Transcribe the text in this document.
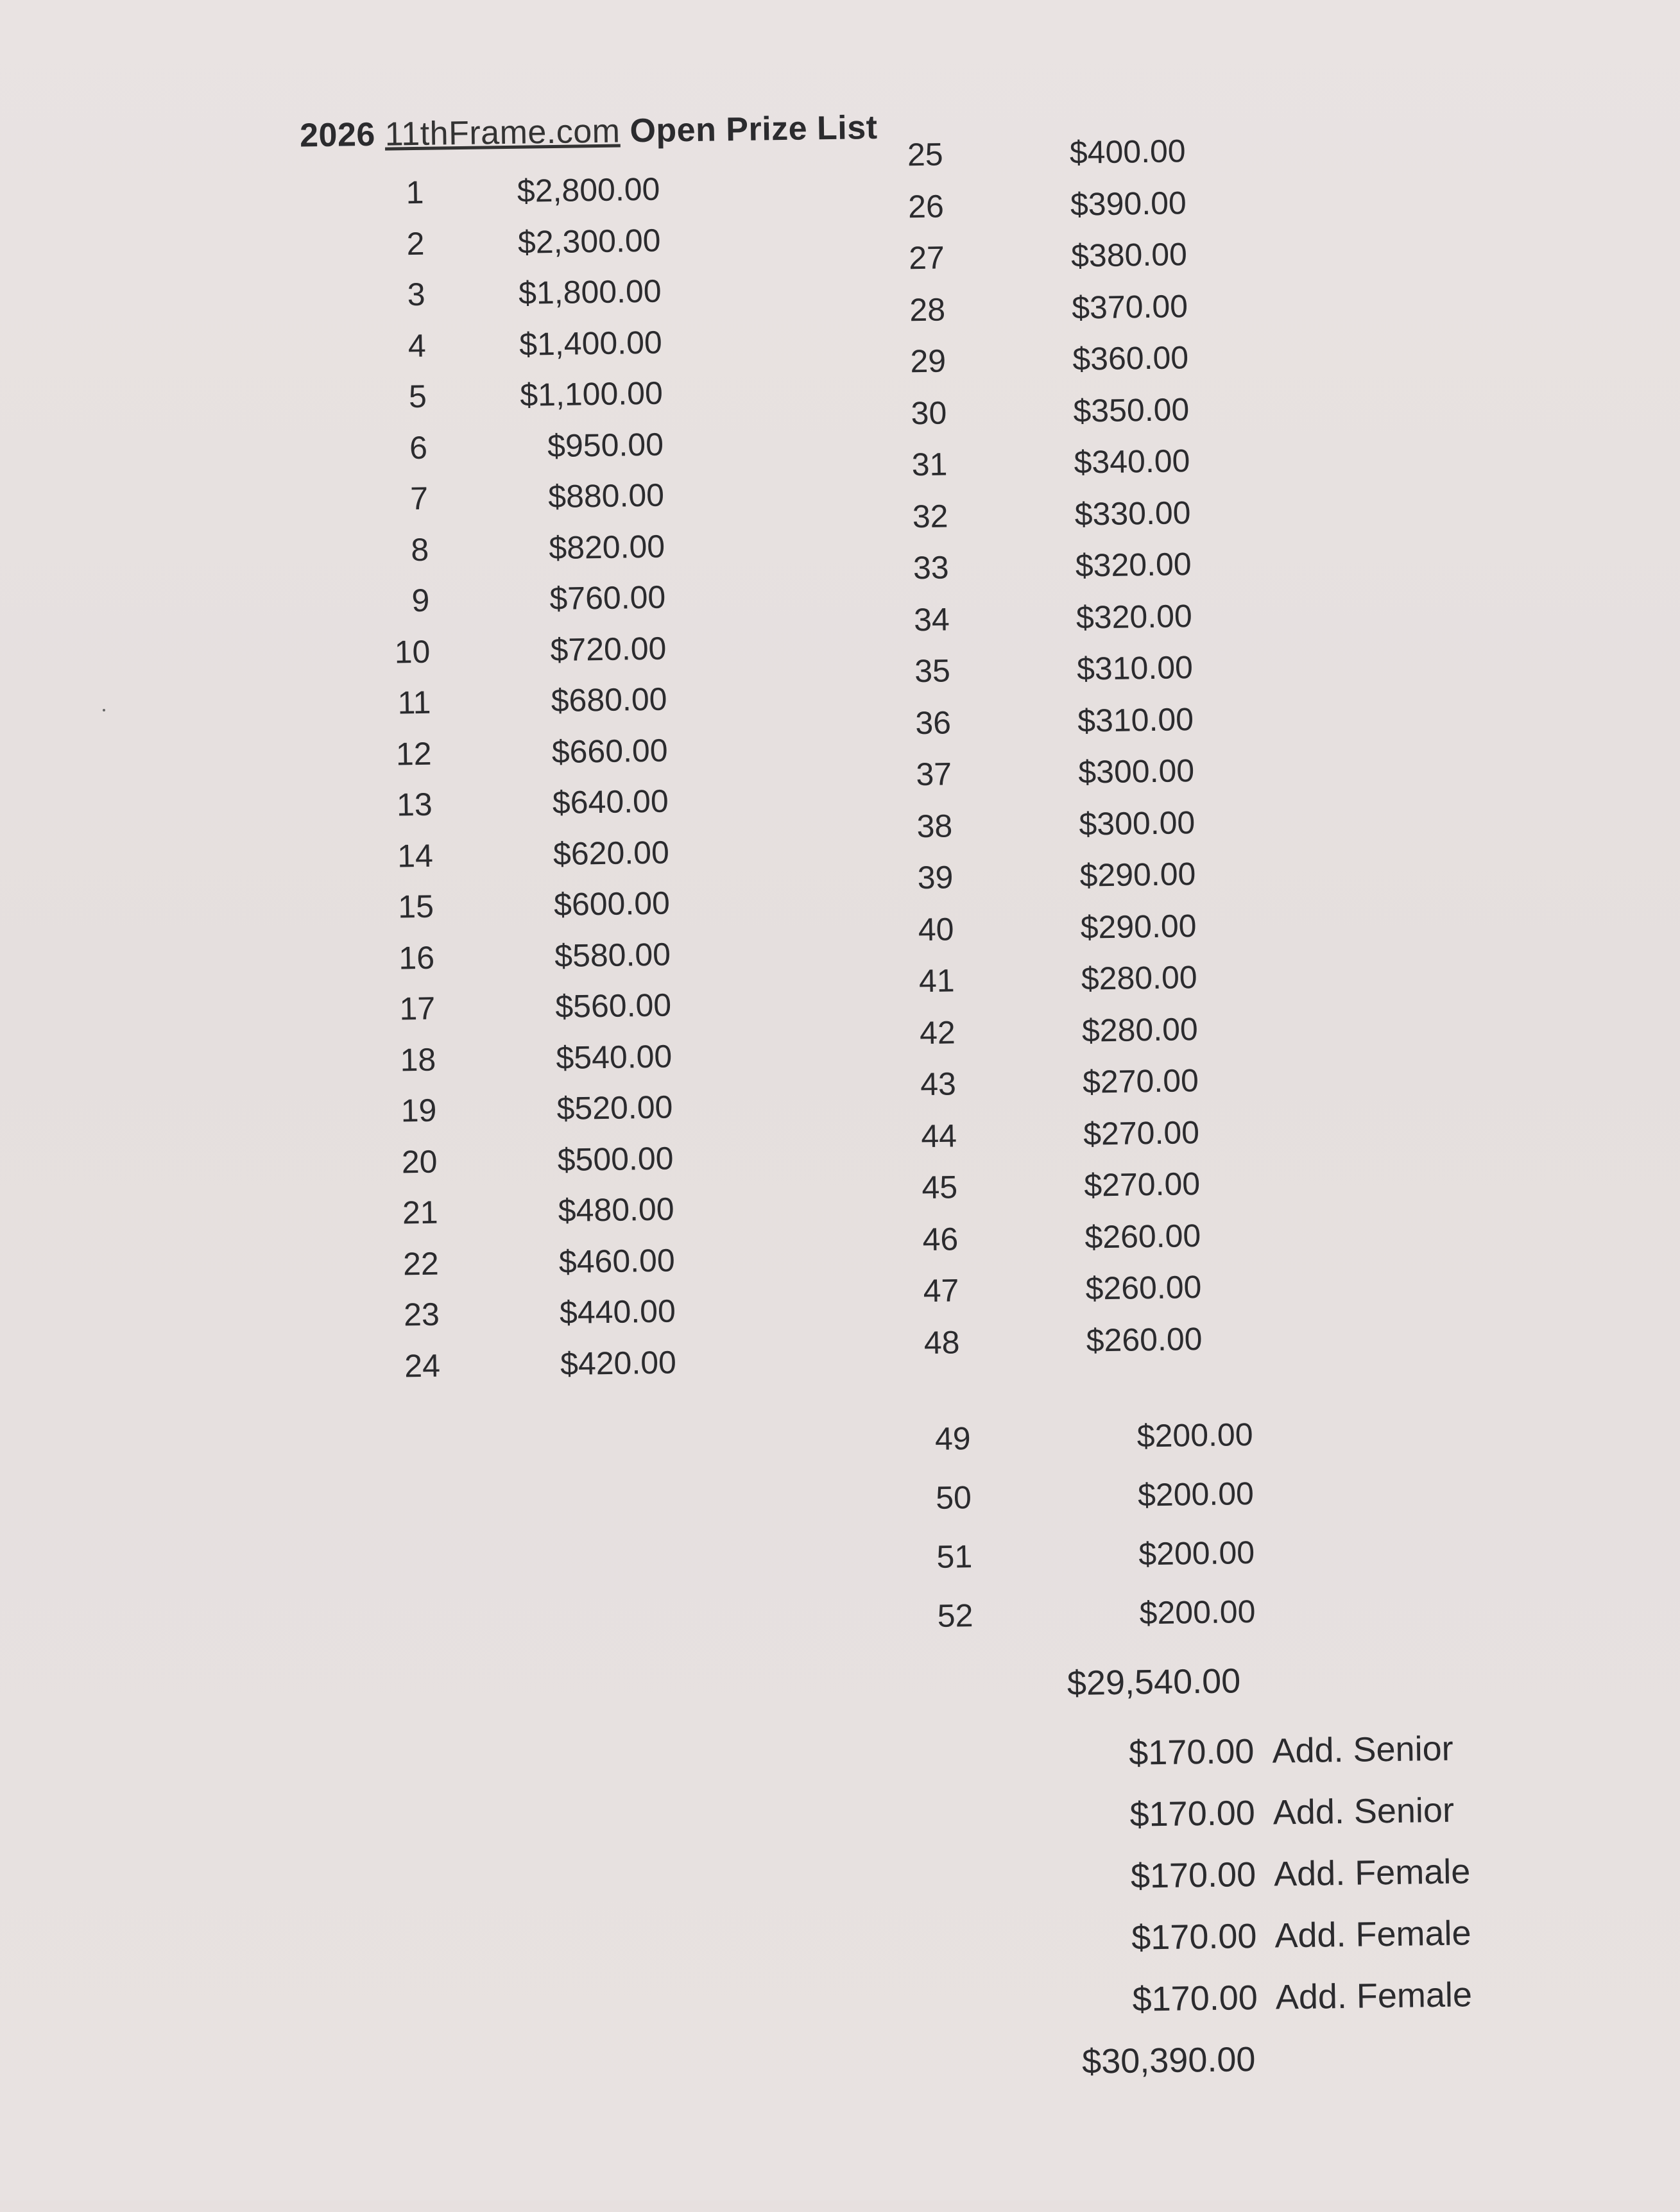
2026 11thFrame.com Open Prize List
1	$2,800.00
2	$2,300.00
3	$1,800.00
4	$1,400.00
5	$1,100.00
6	$950.00
7	$880.00
8	$820.00
9	$760.00
10	$720.00
11	$680.00
12	$660.00
13	$640.00
14	$620.00
15	$600.00
16	$580.00
17	$560.00
18	$540.00
19	$520.00
20	$500.00
21	$480.00
22	$460.00
23	$440.00
24	$420.00
25	$400.00
26	$390.00
27	$380.00
28	$370.00
29	$360.00
30	$350.00
31	$340.00
32	$330.00
33	$320.00
34	$320.00
35	$310.00
36	$310.00
37	$300.00
38	$300.00
39	$290.00
40	$290.00
41	$280.00
42	$280.00
43	$270.00
44	$270.00
45	$270.00
46	$260.00
47	$260.00
48	$260.00
49	$200.00
50	$200.00
51	$200.00
52	$200.00
$29,540.00
$170.00 Add. Senior
$170.00 Add. Senior
$170.00 Add. Female
$170.00 Add. Female
$170.00 Add. Female
$30,390.00
